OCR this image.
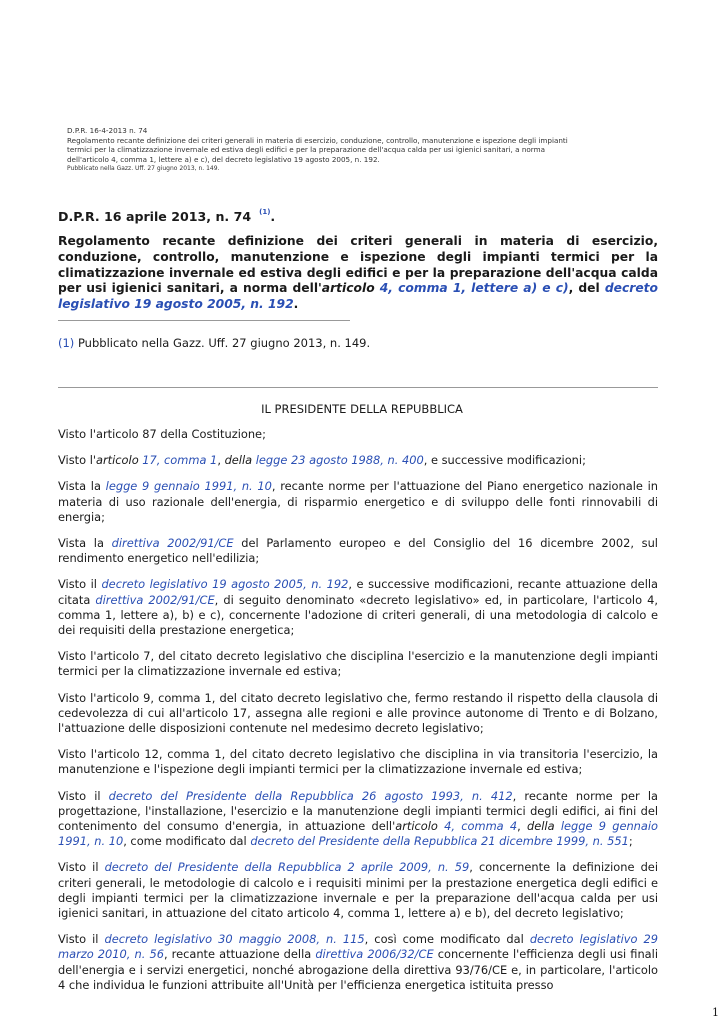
D.P.R. 16-4-2013 n. 74
Regolamento recante definizione dei criteri generali in materia di esercizio, conduzione, controllo, manutenzione e ispezione degli impianti
termici per la climatizzazione invernale ed estiva degli edifici e per la preparazione dell'acqua calda per usi igienici sanitari, a norma
dell'articolo 4, comma 1, lettere a) e c), del decreto legislativo 19 agosto 2005, n. 192.
Pubblicato nella Gazz. Uff. 27 giugno 2013, n. 149.
D.P.R. 16 aprile 2013, n. 74 $^{(1)}$.
Regolamento recante definizione dei criteri generali in materia di esercizio, conduzione, controllo, manutenzione e ispezione degli impianti termici per la climatizzazione invernale ed estiva degli edifici e per la preparazione dell'acqua calda per usi igienici sanitari, a norma dell'articolo 4, comma 1, lettere a) e c), del decreto legislativo 19 agosto 2005, n. 192.
(1) Pubblicato nella Gazz. Uff. 27 giugno 2013, n. 149.
IL PRESIDENTE DELLA REPUBBLICA

Visto l'articolo 87 della Costituzione;

Visto l'articolo 17, comma 1, della legge 23 agosto 1988, n. 400, e successive modificazioni;

Vista la legge 9 gennaio 1991, n. 10, recante norme per l'attuazione del Piano energetico nazionale in materia di uso razionale dell'energia, di risparmio energetico e di sviluppo delle fonti rinnovabili di energia;

Vista la direttiva 2002/91/CE del Parlamento europeo e del Consiglio del 16 dicembre 2002, sul rendimento energetico nell'edilizia;

Visto il decreto legislativo 19 agosto 2005, n. 192, e successive modificazioni, recante attuazione della citata direttiva 2002/91/CE, di seguito denominato «decreto legislativo» ed, in particolare, l'articolo 4, comma 1, lettere a), b) e c), concernente l'adozione di criteri generali, di una metodologia di calcolo e dei requisiti della prestazione energetica;

Visto l'articolo 7, del citato decreto legislativo che disciplina l'esercizio e la manutenzione degli impianti termici per la climatizzazione invernale ed estiva;

Visto l'articolo 9, comma 1, del citato decreto legislativo che, fermo restando il rispetto della clausola di cedevolezza di cui all'articolo 17, assegna alle regioni e alle province autonome di Trento e di Bolzano, l'attuazione delle disposizioni contenute nel medesimo decreto legislativo;

Visto l'articolo 12, comma 1, del citato decreto legislativo che disciplina in via transitoria l'esercizio, la manutenzione e l'ispezione degli impianti termici per la climatizzazione invernale ed estiva;

Visto il decreto del Presidente della Repubblica 26 agosto 1993, n. 412, recante norme per la progettazione, l'installazione, l'esercizio e la manutenzione degli impianti termici degli edifici, ai fini del contenimento del consumo d'energia, in attuazione dell'articolo 4, comma 4, della legge 9 gennaio 1991, n. 10, come modificato dal decreto del Presidente della Repubblica 21 dicembre 1999, n. 551;

Visto il decreto del Presidente della Repubblica 2 aprile 2009, n. 59, concernente la definizione dei criteri generali, le metodologie di calcolo e i requisiti minimi per la prestazione energetica degli edifici e degli impianti termici per la climatizzazione invernale e per la preparazione dell'acqua calda per usi igienici sanitari, in attuazione del citato articolo 4, comma 1, lettere a) e b), del decreto legislativo;

Visto il decreto legislativo 30 maggio 2008, n. 115, così come modificato dal decreto legislativo 29 marzo 2010, n. 56, recante attuazione della direttiva 2006/32/CE concernente l'efficienza degli usi finali dell'energia e i servizi energetici, nonché abrogazione della direttiva 93/76/CE e, in particolare, l'articolo 4 che individua le funzioni attribuite all'Unità per l'efficienza energetica istituita presso

1
